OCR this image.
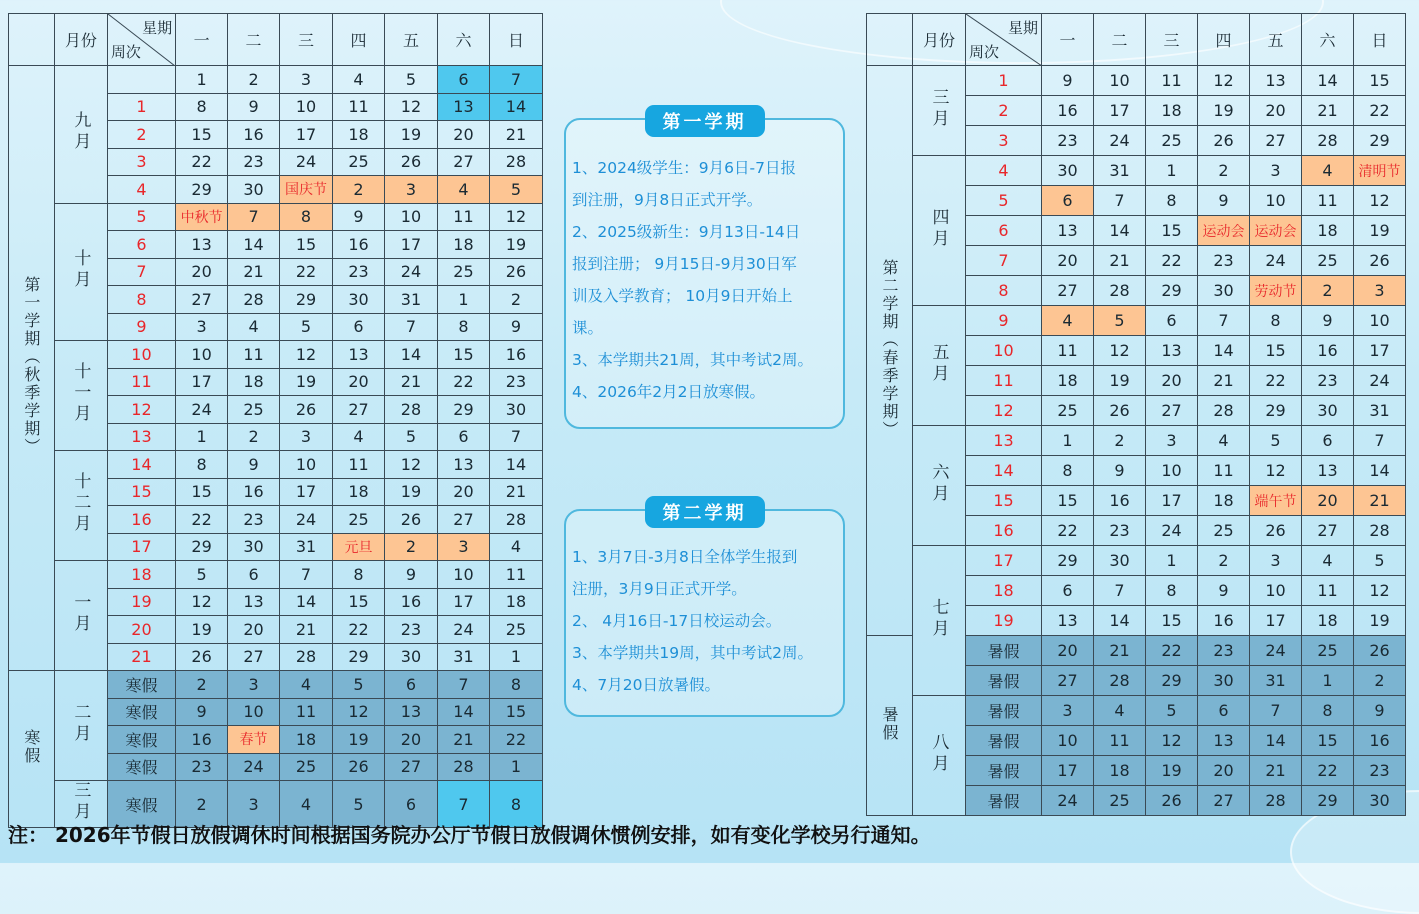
	月份	星期
周次	一	二	三	四	五	六	日
第一学期（秋季学期）	九月		1	2	3	4	5	6	7
		1	8	9	10	11	12	13	14
		2	15	16	17	18	19	20	21
		3	22	23	24	25	26	27	28
		4	29	30	国庆节	2	3	4	5
	十月	5	中秋节	7	8	9	10	11	12
		6	13	14	15	16	17	18	19
		7	20	21	22	23	24	25	26
		8	27	28	29	30	31	1	2
		9	3	4	5	6	7	8	9
	十一月	10	10	11	12	13	14	15	16
		11	17	18	19	20	21	22	23
		12	24	25	26	27	28	29	30
		13	1	2	3	4	5	6	7
	十二月	14	8	9	10	11	12	13	14
		15	15	16	17	18	19	20	21
		16	22	23	24	25	26	27	28
		17	29	30	31	元旦	2	3	4
	一月	18	5	6	7	8	9	10	11
		19	12	13	14	15	16	17	18
		20	19	20	21	22	23	24	25
		21	26	27	28	29	30	31	1
寒假	二月	寒假	2	3	4	5	6	7	8
		寒假	9	10	11	12	13	14	15
		寒假	16	春节	18	19	20	21	22
		寒假	23	24	25	26	27	28	1
	三月	寒假	2	3	4	5	6	7	8
第一学期

1、2024级学生：9月6日-7日报

到注册，9月8日正式开学。

2、2025级新生：9月13日-14日

报到注册； 9月15日-9月30日军

训及入学教育； 10月9日开始上

课。

3、本学期共21周，其中考试2周。

4、2026年2月2日放寒假。

第二学期

1、3月7日-3月8日全体学生报到

注册，3月9日正式开学。

2、 4月16日-17日校运动会。

3、本学期共19周，其中考试2周。

4、7月20日放暑假。

	月份	星期
周次	一	二	三	四	五	六	日
第二学期（春季学期）	三月	1	9	10	11	12	13	14	15
		2	16	17	18	19	20	21	22
		3	23	24	25	26	27	28	29
	四月	4	30	31	1	2	3	4	清明节
		5	6	7	8	9	10	11	12
		6	13	14	15	运动会	运动会	18	19
		7	20	21	22	23	24	25	26
		8	27	28	29	30	劳动节	2	3
	五月	9	4	5	6	7	8	9	10
		10	11	12	13	14	15	16	17
		11	18	19	20	21	22	23	24
		12	25	26	27	28	29	30	31
	六月	13	1	2	3	4	5	6	7
		14	8	9	10	11	12	13	14
		15	15	16	17	18	端午节	20	21
		16	22	23	24	25	26	27	28
	七月	17	29	30	1	2	3	4	5
		18	6	7	8	9	10	11	12
		19	13	14	15	16	17	18	19
暑假		暑假	20	21	22	23	24	25	26
		暑假	27	28	29	30	31	1	2
	八月	暑假	3	4	5	6	7	8	9
		暑假	10	11	12	13	14	15	16
		暑假	17	18	19	20	21	22	23
		暑假	24	25	26	27	28	29	30
注： 2026年节假日放假调休时间根据国务院办公厅节假日放假调休惯例安排，如有变化学校另行通知。
